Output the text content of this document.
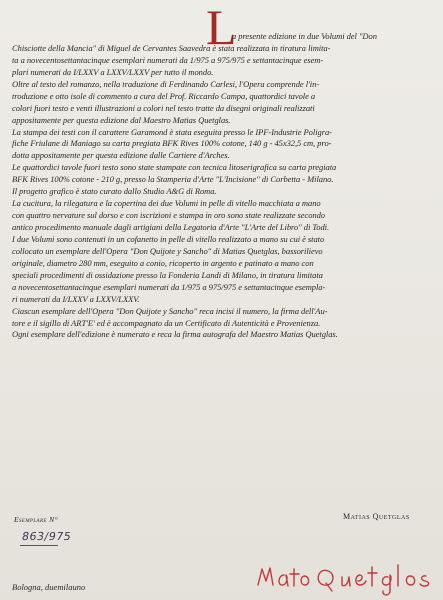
L
a presente edizione in due Volumi del "Don
Chisciotte della Mancia" di Miguel de Cervantes Saavedra è stata realizzata in tiratura limita-
ta a novecentosettantacinque esemplari numerati da 1/975 a 975/975 e settantacinque esem-
plari numerati da I/LXXV a LXXV/LXXV per tutto il mondo.
Oltre al testo del romanzo, nella traduzione di Ferdinando Carlesi, l'Opera comprende l'in-
troduzione e otto isole di commento a cura del Prof. Riccardo Campa, quattordici tavole a
colori fuori testo e venti illustrazioni a colori nel testo tratte da disegni originali realizzati
appositamente per questa edizione dal Maestro Matias Quetglas.
La stampa dei testi con il carattere Garamond è stata eseguita presso le IPF-Industrie Poligra-
fiche Friulane di Maniago su carta pregiata BFK Rives 100% cotone, 140 g - 45x32,5 cm, pro-
dotta appositamente per questa edizione dalle Cartiere d'Arches.
Le quattordici tavole fuori testo sono state stampate con tecnica litoserigrafica su carta pregiata
BFK Rives 100% cotone - 210 g, presso la Stamperia d'Arte "L'Incisione" di Corbetta - Milano.
Il progetto grafico è stato curato dallo Studio A&G di Roma.
La cucitura, la rilegatura e la copertina dei due Volumi in pelle di vitello macchiata a mano
con quattro nervature sul dorso e con iscrizioni e stampa in oro sono state realizzate secondo
antico procedimento manuale dagli artigiani della Legatoria d'Arte "L'Arte del Libro" di Todi.
I due Volumi sono contenuti in un cofanetto in pelle di vitello realizzato a mano su cui è stato
collocato un esemplare dell'Opera "Don Quijote y Sancho" di Matias Quetglas, bassorilievo
originale, diametro 280 mm, eseguito a conio, ricoperto in argento e patinato a mano con
speciali procedimenti di ossidazione presso la Fonderia Landi di Milano, in tiratura limitata
a novecentosettantacinque esemplari numerati da 1/975 a 975/975 e settantacinque esempla-
ri numerati da I/LXXV a LXXV/LXXV.
Ciascun esemplare dell'Opera "Don Quijote y Sancho" reca incisi il numero, la firma dell'Au-
tore e il sigillo di ART'E' ed è accompagnato da un Certificato di Autenticità e Provenienza.
Ogni esemplare dell'edizione è numerato e reca la firma autografa del Maestro Matias Quetglas.
Esemplare N°
863/975
Matias Quetglas
Bologna, duemilauno
